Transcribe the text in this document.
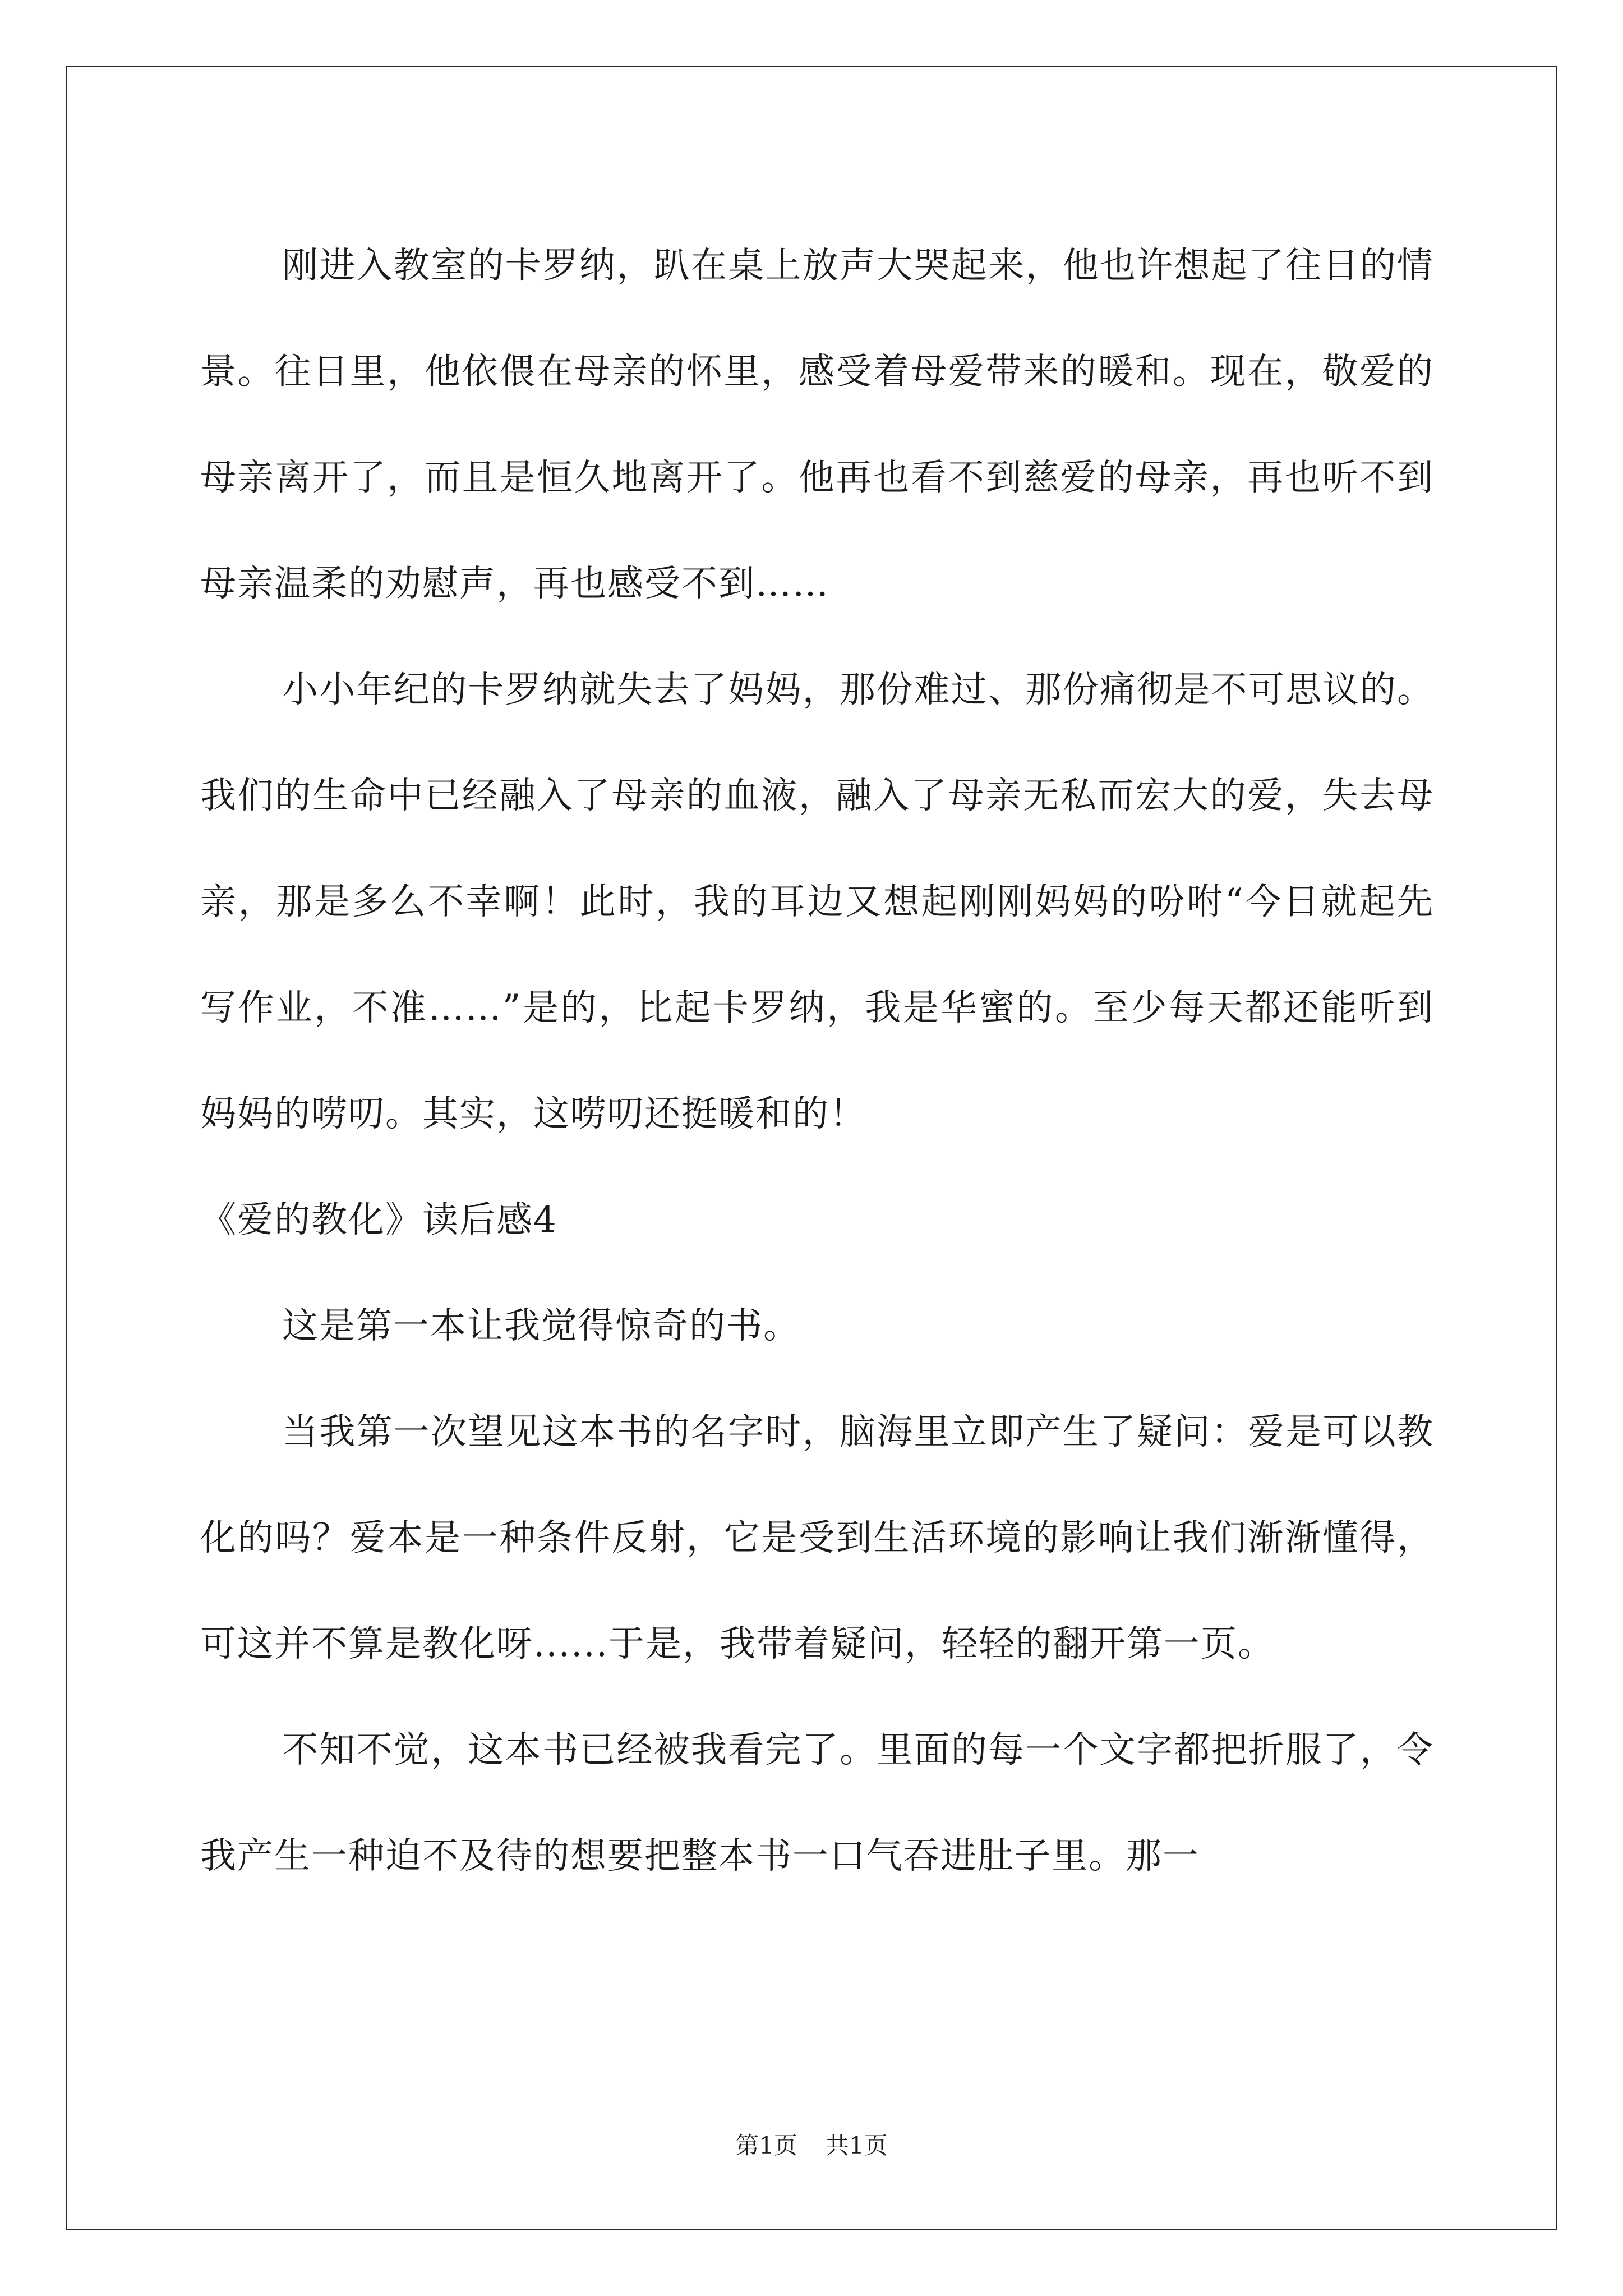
刚进入教室的卡罗纳，趴在桌上放声大哭起来，他也许想起了往日的情景。往日里，他依偎在母亲的怀里，感受着母爱带来的暖和。现在，敬爱的母亲离开了，而且是恒久地离开了。他再也看不到慈爱的母亲，再也听不到母亲温柔的劝慰声，再也感受不到……

小小年纪的卡罗纳就失去了妈妈，那份难过、那份痛彻是不可思议的。我们的生命中已经融入了母亲的血液，融入了母亲无私而宏大的爱，失去母亲，那是多么不幸啊！此时，我的耳边又想起刚刚妈妈的吩咐“今日就起先写作业，不准……”是的，比起卡罗纳，我是华蜜的。至少每天都还能听到妈妈的唠叨。其实，这唠叨还挺暖和的！

《爱的教化》读后感4

这是第一本让我觉得惊奇的书。

当我第一次望见这本书的名字时，脑海里立即产生了疑问：爱是可以教化的吗？爱本是一种条件反射，它是受到生活环境的影响让我们渐渐懂得，可这并不算是教化呀......于是，我带着疑问，轻轻的翻开第一页。

不知不觉，这本书已经被我看完了。里面的每一个文字都把折服了，令我产生一种迫不及待的想要把整本书一口气吞进肚子里。那一

第1页 共1页
